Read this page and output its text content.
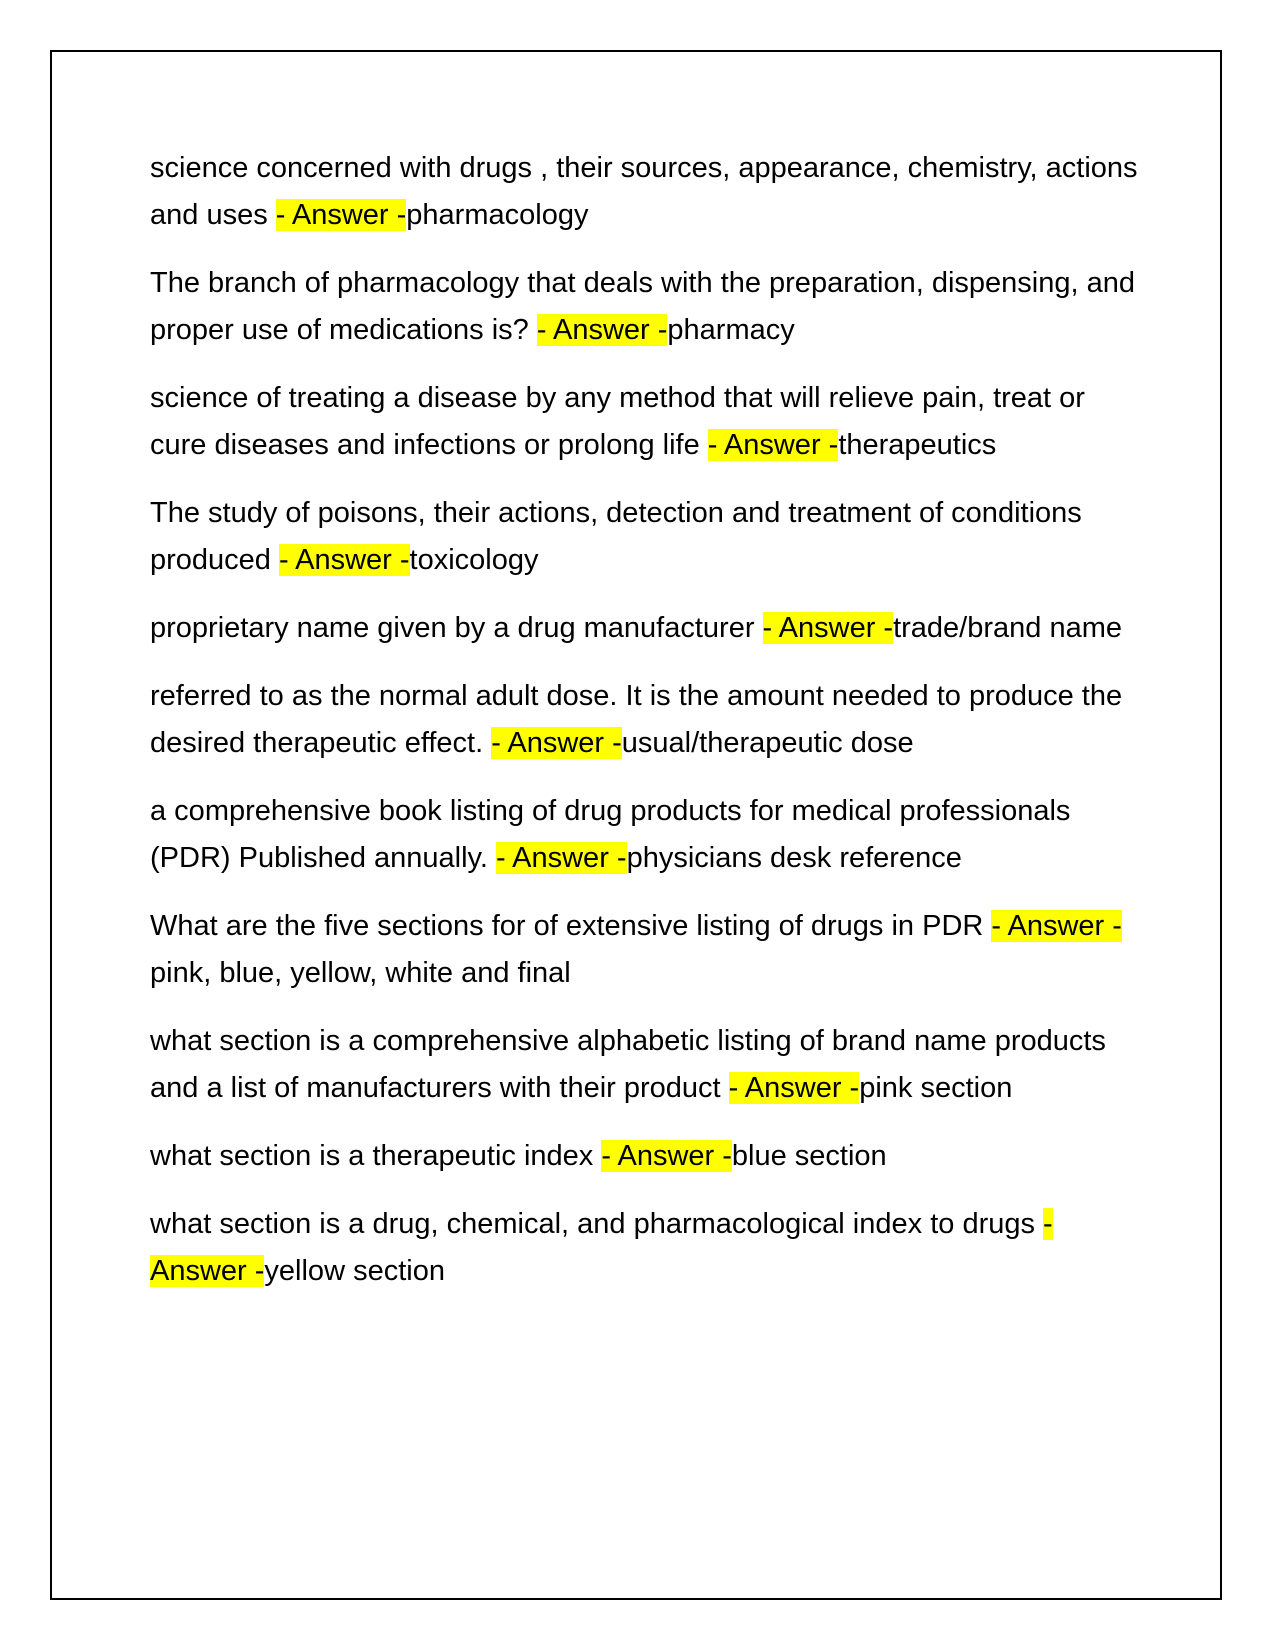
science concerned with drugs , their sources, appearance, chemistry, actions and uses - Answer -pharmacology

The branch of pharmacology that deals with the preparation, dispensing, and proper use of medications is? - Answer -pharmacy

science of treating a disease by any method that will relieve pain, treat or cure diseases and infections or prolong life - Answer -therapeutics

The study of poisons, their actions, detection and treatment of conditions produced - Answer -toxicology

proprietary name given by a drug manufacturer - Answer -trade/brand name

referred to as the normal adult dose. It is the amount needed to produce the desired therapeutic effect. - Answer -usual/therapeutic dose

a comprehensive book listing of drug products for medical professionals (PDR) Published annually. - Answer -physicians desk reference

What are the five sections for of extensive listing of drugs in PDR - Answer -pink, blue, yellow, white and final

what section is a comprehensive alphabetic listing of brand name products and a list of manufacturers with their product - Answer -pink section

what section is a therapeutic index - Answer -blue section

what section is a drug, chemical, and pharmacological index to drugs - Answer -yellow section
